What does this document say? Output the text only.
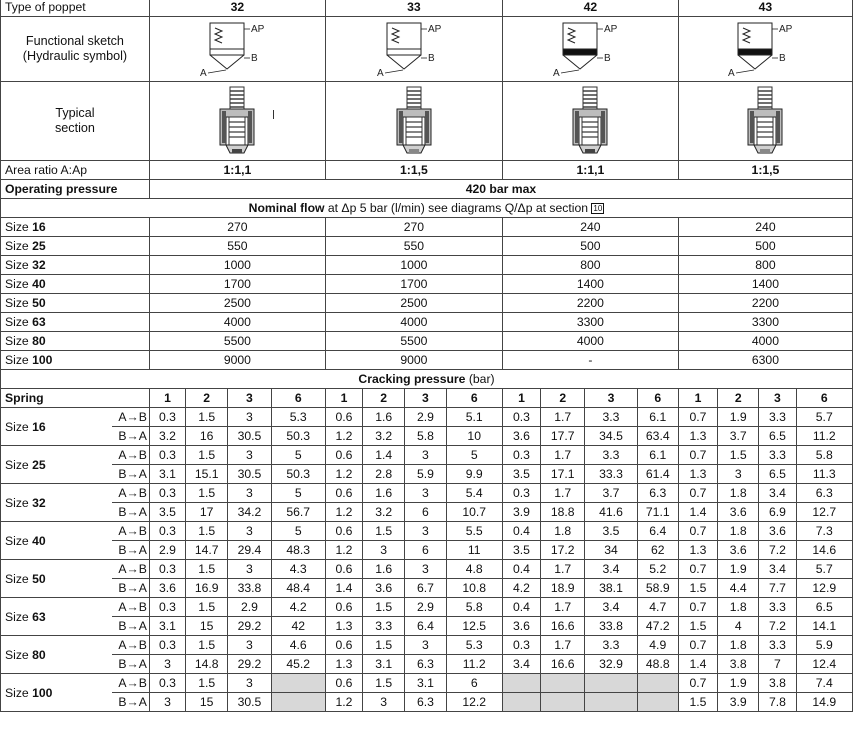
Type of poppet		32				33				42				43			
Functional sketch
(Hydraulic symbol)		AP
B
A				AP
B
A				AP
B
A				AP
B
A			

Typical
section	

Area ratio A:Ap		1:1,1				1:1,5				1:1,1				1:1,5			
Operating pressure		420 bar max															
Nominal flow at Δp 5 bar (l/min) see diagrams Q/Δp at section 10																	
Size 16		270				270				240				240			
Size 25		550				550				500				500			
Size 32		1000				1000				800				800			
Size 40		1700				1700				1400				1400			
Size 50		2500				2500				2200				2200			
Size 63		4000				4000				3300				3300			
Size 80		5500				5500				4000				4000			
Size 100		9000				9000				-				6300			
Cracking pressure (bar)																	
Spring		1	2	3	6	1	2	3	6	1	2	3	6	1	2	3	6
Size 16	A→B	0.3	1.5	3	5.3	0.6	1.6	2.9	5.1	0.3	1.7	3.3	6.1	0.7	1.9	3.3	5.7
	B→A	3.2	16	30.5	50.3	1.2	3.2	5.8	10	3.6	17.7	34.5	63.4	1.3	3.7	6.5	11.2
Size 25	A→B	0.3	1.5	3	5	0.6	1.4	3	5	0.3	1.7	3.3	6.1	0.7	1.5	3.3	5.8
	B→A	3.1	15.1	30.5	50.3	1.2	2.8	5.9	9.9	3.5	17.1	33.3	61.4	1.3	3	6.5	11.3
Size 32	A→B	0.3	1.5	3	5	0.6	1.6	3	5.4	0.3	1.7	3.7	6.3	0.7	1.8	3.4	6.3
	B→A	3.5	17	34.2	56.7	1.2	3.2	6	10.7	3.9	18.8	41.6	71.1	1.4	3.6	6.9	12.7
Size 40	A→B	0.3	1.5	3	5	0.6	1.5	3	5.5	0.4	1.8	3.5	6.4	0.7	1.8	3.6	7.3
	B→A	2.9	14.7	29.4	48.3	1.2	3	6	11	3.5	17.2	34	62	1.3	3.6	7.2	14.6
Size 50	A→B	0.3	1.5	3	4.3	0.6	1.6	3	4.8	0.4	1.7	3.4	5.2	0.7	1.9	3.4	5.7
	B→A	3.6	16.9	33.8	48.4	1.4	3.6	6.7	10.8	4.2	18.9	38.1	58.9	1.5	4.4	7.7	12.9
Size 63	A→B	0.3	1.5	2.9	4.2	0.6	1.5	2.9	5.8	0.4	1.7	3.4	4.7	0.7	1.8	3.3	6.5
	B→A	3.1	15	29.2	42	1.3	3.3	6.4	12.5	3.6	16.6	33.8	47.2	1.5	4	7.2	14.1
Size 80	A→B	0.3	1.5	3	4.6	0.6	1.5	3	5.3	0.3	1.7	3.3	4.9	0.7	1.8	3.3	5.9
	B→A	3	14.8	29.2	45.2	1.3	3.1	6.3	11.2	3.4	16.6	32.9	48.8	1.4	3.8	7	12.4
Size 100	A→B	0.3	1.5	3		0.6	1.5	3.1	6					0.7	1.9	3.8	7.4
	B→A	3	15	30.5		1.2	3	6.3	12.2					1.5	3.9	7.8	14.9
